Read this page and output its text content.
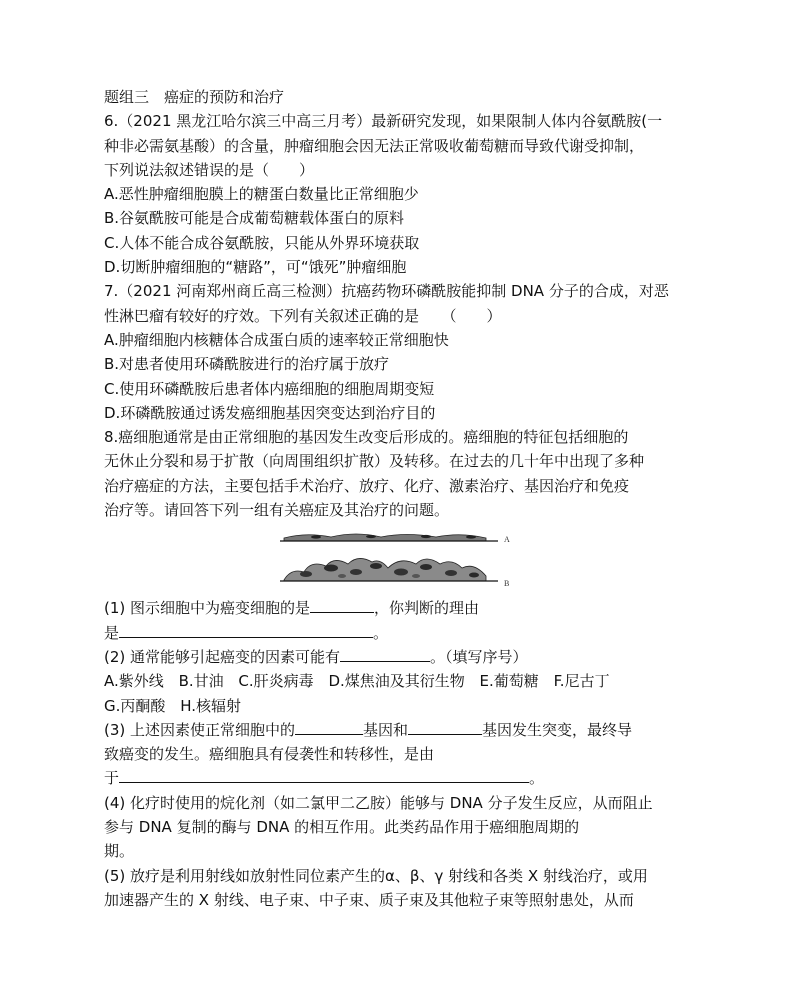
题组三　癌症的预防和治疗
6.（2021 黑龙江哈尔滨三中高三月考）最新研究发现，如果限制人体内谷氨酰胺(一
种非必需氨基酸）的含量，肿瘤细胞会因无法正常吸收葡萄糖而导致代谢受抑制，
下列说法叙述错误的是（　　）
A.恶性肿瘤细胞膜上的糖蛋白数量比正常细胞少
B.谷氨酰胺可能是合成葡萄糖载体蛋白的原料
C.人体不能合成谷氨酰胺，只能从外界环境获取
D.切断肿瘤细胞的“糖路”，可“饿死”肿瘤细胞
7.（2021 河南郑州商丘高三检测）抗癌药物环磷酰胺能抑制 DNA 分子的合成，对恶
性淋巴瘤有较好的疗效。下列有关叙述正确的是　　（　　）
A.肿瘤细胞内核糖体合成蛋白质的速率较正常细胞快
B.对患者使用环磷酰胺进行的治疗属于放疗
C.使用环磷酰胺后患者体内癌细胞的细胞周期变短
D.环磷酰胺通过诱发癌细胞基因突变达到治疗目的
8.癌细胞通常是由正常细胞的基因发生改变后形成的。癌细胞的特征包括细胞的
无休止分裂和易于扩散（向周围组织扩散）及转移。在过去的几十年中出现了多种
治疗癌症的方法，主要包括手术治疗、放疗、化疗、激素治疗、基因治疗和免疫
治疗等。请回答下列一组有关癌症及其治疗的问题。
A
B
(1) 图示细胞中为癌变细胞的是	，你判断的理由
是	。
(2) 通常能够引起癌变的因素可能有	。（填写序号）
A.紫外线 B.甘油 C.肝炎病毒 D.煤焦油及其衍生物 E.葡萄糖 F.尼古丁
G.丙酮酸 H.核辐射
(3) 上述因素使正常细胞中的	基因和	基因发生突变，最终导
致癌变的发生。癌细胞具有侵袭性和转移性，是由
于	。
(4) 化疗时使用的烷化剂（如二氯甲二乙胺）能够与 DNA 分子发生反应，从而阻止
参与 DNA 复制的酶与 DNA 的相互作用。此类药品作用于癌细胞周期的
期。
(5) 放疗是利用射线如放射性同位素产生的α、β、γ 射线和各类 X 射线治疗，或用
加速器产生的 X 射线、电子束、中子束、质子束及其他粒子束等照射患处，从而
